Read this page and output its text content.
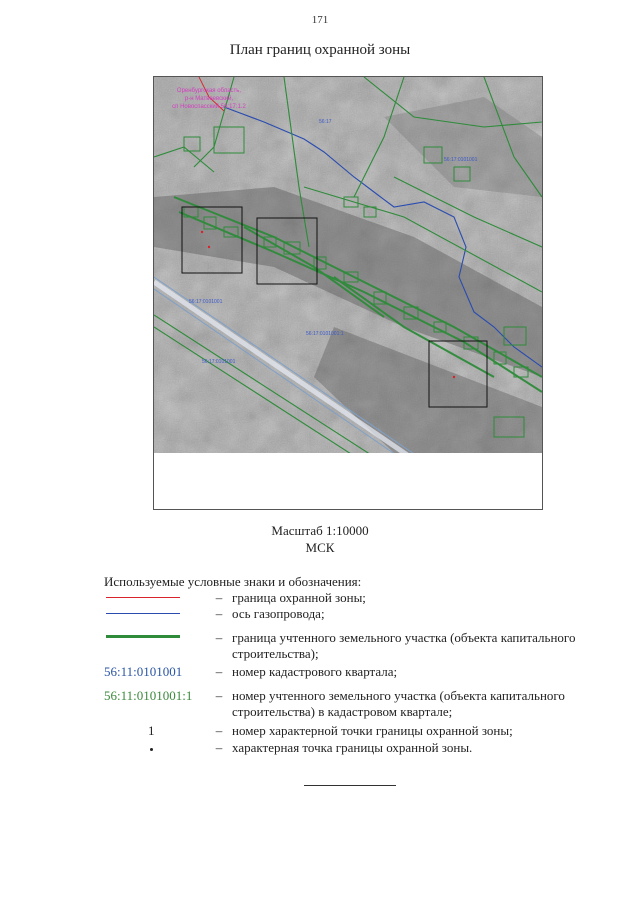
171
План границ охранной зоны
Оренбургская область,
р-н Матвеевский,
сп Новоспасский 56:17:1.2
56:17
56:17:0101001
56:17:0101001
56:17:0101001:1
56:17:0101001
Масштаб 1:10000
МСК
Используемые условные знаки и обозначения:
– граница охранной зоны;
– ось газопровода;
– граница учтенного земельного участка (объекта капитального строительства);
56:11:0101001	– номер кадастрового квартала;
56:11:0101001:1	– номер учтенного земельного участка (объекта капитального строительства) в кадастровом квартале;
1	– номер характерной точки границы охранной зоны;
– характерная точка границы охранной зоны.
